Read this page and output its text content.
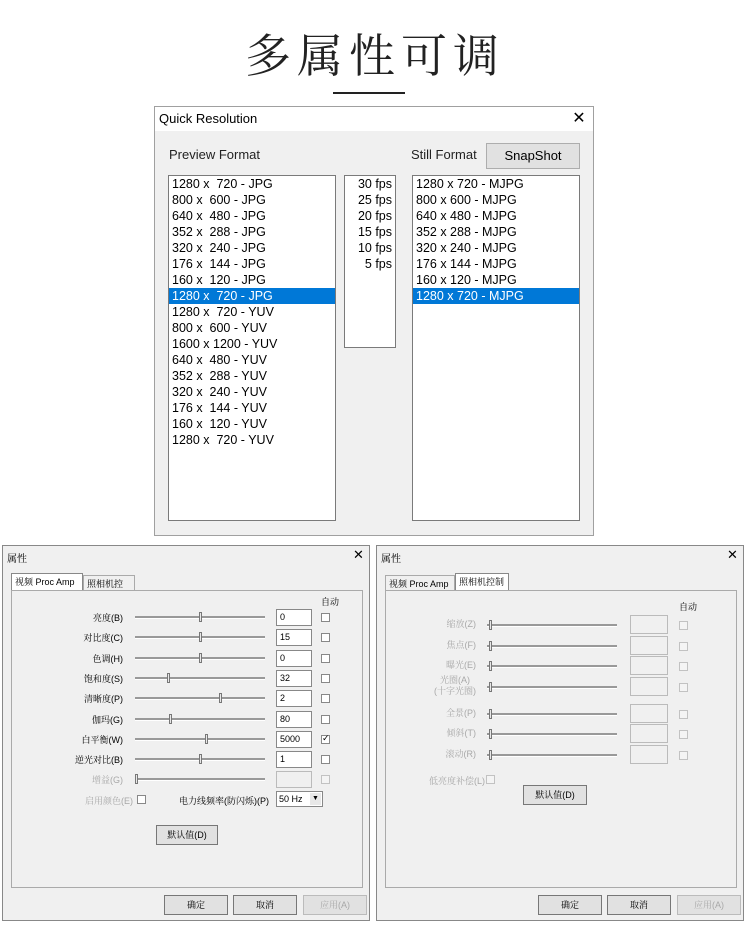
多属性可调
Quick Resolution	✕
Preview Format	Still Format	SnapShot
1280 x  720 - JPG
800 x  600 - JPG
640 x  480 - JPG
352 x  288 - JPG
320 x  240 - JPG
176 x  144 - JPG
160 x  120 - JPG
1280 x  720 - JPG
1280 x  720 - YUV
800 x  600 - YUV
1600 x 1200 - YUV
640 x  480 - YUV
352 x  288 - YUV
320 x  240 - YUV
176 x  144 - YUV
160 x  120 - YUV
1280 x  720 - YUV
30 fps
25 fps
20 fps
15 fps
10 fps
5 fps
1280 x 720 - MJPG
800 x 600 - MJPG
640 x 480 - MJPG
352 x 288 - MJPG
320 x 240 - MJPG
176 x 144 - MJPG
160 x 120 - MJPG
1280 x 720 - MJPG
属性	✕
视频 Proc Amp	照相机控
自动
亮度(B)	0
对比度(C)	15
色调(H)	0
饱和度(S)	32
清晰度(P)	2
伽玛(G)	80
白平衡(W)	5000	✓
逆光对比(B)	1
增益(G)
启用颜色(E)	电力线频率(防闪烁)(P)	50 Hz ▼
默认值(D)
确定	取消	应用(A)
属性	✕
视频 Proc Amp	照相机控制
自动
缩放(Z)
焦点(F)
曝光(E)
光圈(A)
(十字光圈)
全景(P)
倾斜(T)
滚动(R)
低亮度补偿(L)
默认值(D)
确定	取消	应用(A)
